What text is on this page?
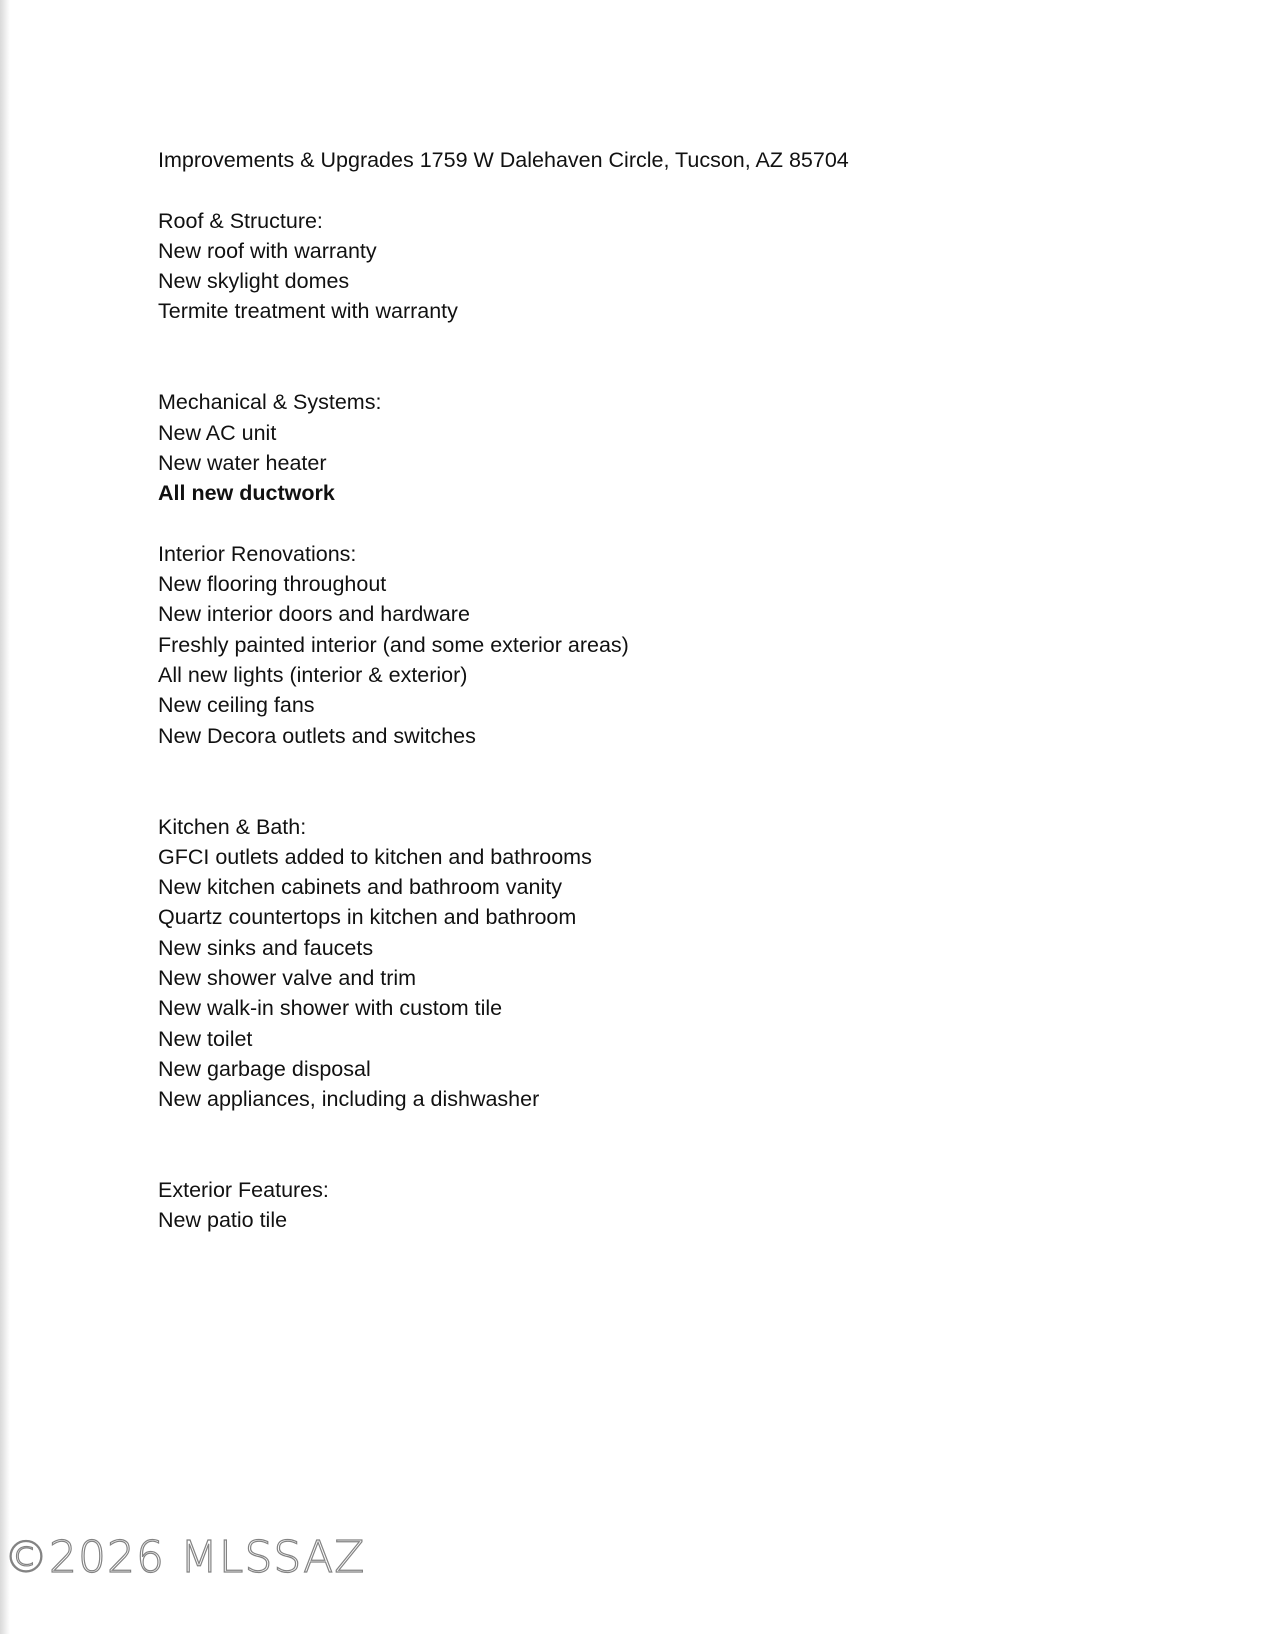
Improvements & Upgrades 1759 W Dalehaven Circle, Tucson, AZ 85704
Roof & Structure:
New roof with warranty
New skylight domes
Termite treatment with warranty
Mechanical & Systems:
New AC unit
New water heater
All new ductwork
Interior Renovations:
New flooring throughout
New interior doors and hardware
Freshly painted interior (and some exterior areas)
All new lights (interior & exterior)
New ceiling fans
New Decora outlets and switches
Kitchen & Bath:
GFCI outlets added to kitchen and bathrooms
New kitchen cabinets and bathroom vanity
Quartz countertops in kitchen and bathroom
New sinks and faucets
New shower valve and trim
New walk-in shower with custom tile
New toilet
New garbage disposal
New appliances, including a dishwasher
Exterior Features:
New patio tile
©2026 MLSSAZ
